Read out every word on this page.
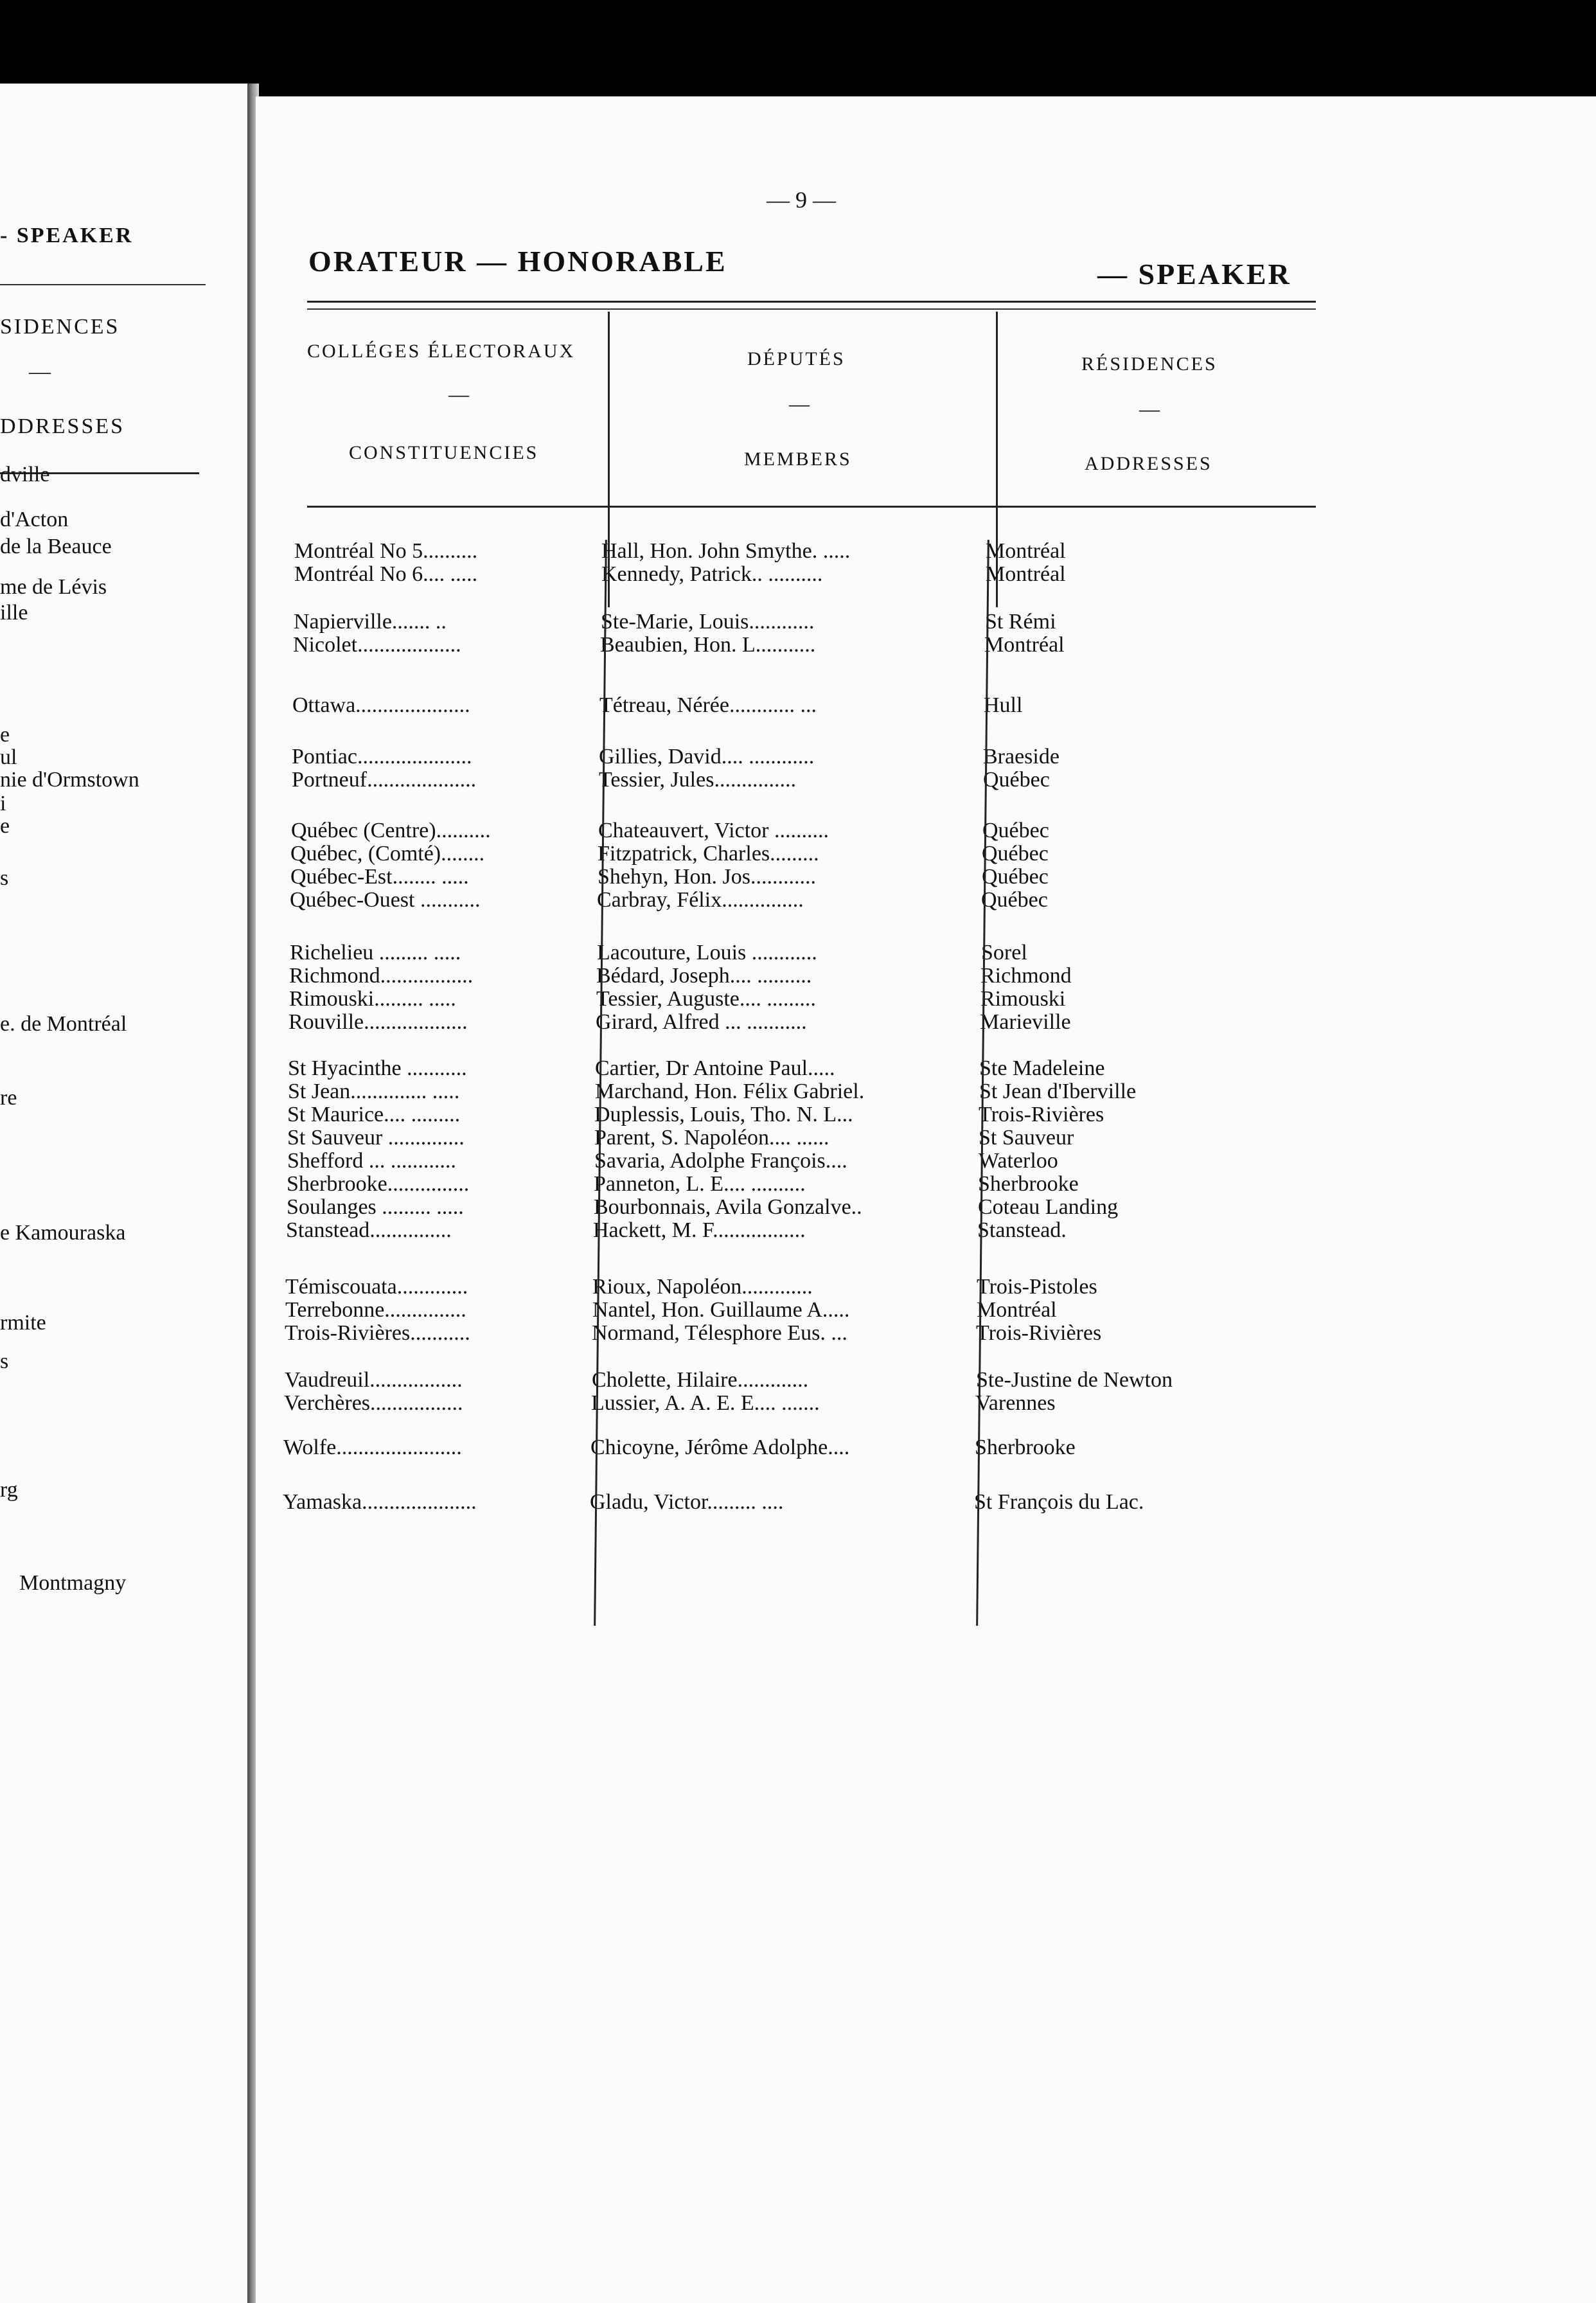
- SPEAKER
SIDENCES
—
DDRESSES
dville
d'Acton
de la Beauce
me de Lévis
ille
e
ul
nie d'Ormstown
i
e
s
e. de Montréal
re
e Kamouraska
rmite
s
rg
Montmagny
— 9 —
ORATEUR — HONORABLE	— SPEAKER
COLLÉGES ÉLECTORAUX
—
CONSTITUENCIES
DÉPUTÉS
—
MEMBERS
RÉSIDENCES
—
ADDRESSES
Montréal No 5..........	Hall, Hon. John Smythe. .....	Montréal
Montréal No 6.... .....	Kennedy, Patrick.. ..........	Montréal
Napierville....... ..	Ste-Marie, Louis............	St Rémi
Nicolet...................	Beaubien, Hon. L...........	Montréal
Ottawa.....................	Tétreau, Nérée............ ...	Hull
Pontiac.....................	Gillies, David.... ............	Braeside
Portneuf....................	Tessier, Jules...............	Québec
Québec (Centre)..........	Chateauvert, Victor ..........	Québec
Québec, (Comté)........	Fitzpatrick, Charles.........	Québec
Québec-Est........ .....	Shehyn, Hon. Jos............	Québec
Québec-Ouest ...........	Carbray, Félix...............	Québec
Richelieu ......... .....	Lacouture, Louis ............	Sorel
Richmond.................	Bédard, Joseph.... ..........	Richmond
Rimouski......... .....	Tessier, Auguste.... .........	Rimouski
Rouville...................	Girard, Alfred ... ...........	Marieville
St Hyacinthe ...........	Cartier, Dr Antoine Paul.....	Ste Madeleine
St Jean.............. .....	Marchand, Hon. Félix Gabriel.	St Jean d'Iberville
St Maurice.... .........	Duplessis, Louis, Tho. N. L...	Trois-Rivières
St Sauveur ..............	Parent, S. Napoléon.... ......	St Sauveur
Shefford ... ............	Savaria, Adolphe François....	Waterloo
Sherbrooke...............	Panneton, L. E.... ..........	Sherbrooke
Soulanges ......... .....	Bourbonnais, Avila Gonzalve..	Coteau Landing
Stanstead...............	Hackett, M. F.................	Stanstead.
Témiscouata.............	Rioux, Napoléon.............	Trois-Pistoles
Terrebonne...............	Nantel, Hon. Guillaume A.....	Montréal
Trois-Rivières...........	Normand, Télesphore Eus. ...	Trois-Rivières
Vaudreuil.................	Cholette, Hilaire.............	Ste-Justine de Newton
Verchères.................	Lussier, A. A. E. E.... .......	Varennes
Wolfe.......................	Chicoyne, Jérôme Adolphe....	Sherbrooke
Yamaska.....................	Gladu, Victor......... ....	St François du Lac.
